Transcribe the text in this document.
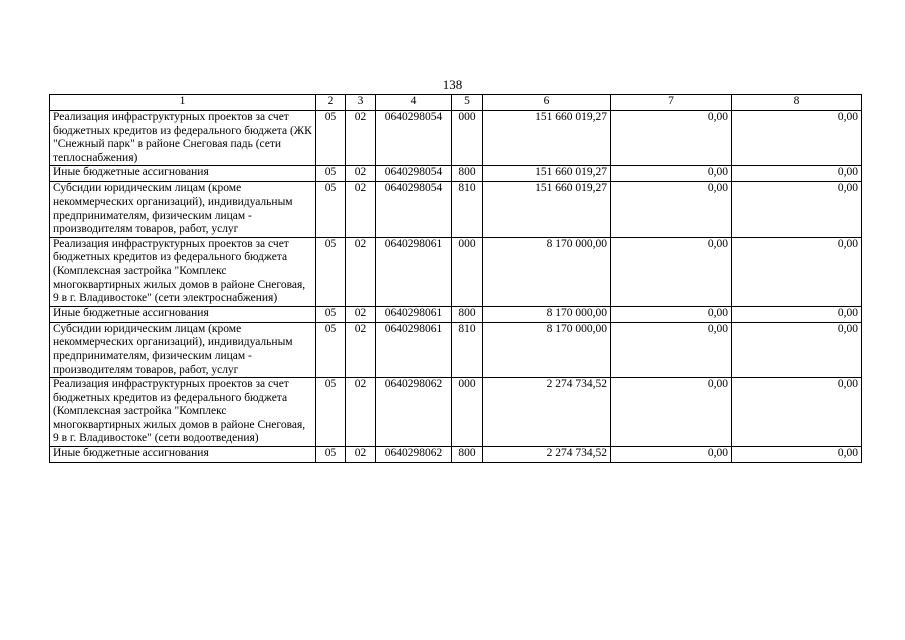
138
1	2	3	4	5	6	7	8
Реализация инфраструктурных проектов за счет бюджетных кредитов из федерального бюджета (ЖК "Снежный парк" в районе Снеговая падь (сети теплоснабжения)	05	02	0640298054	000	151 660 019,27	0,00	0,00
Иные бюджетные ассигнования	05	02	0640298054	800	151 660 019,27	0,00	0,00
Субсидии юридическим лицам (кроме некоммерческих организаций), индивидуальным предпринимателям, физическим лицам - производителям товаров, работ, услуг	05	02	0640298054	810	151 660 019,27	0,00	0,00
Реализация инфраструктурных проектов за счет бюджетных кредитов из федерального бюджета (Комплексная застройка "Комплекс многоквартирных жилых домов в районе Снеговая, 9 в г. Владивостоке" (сети электроснабжения)	05	02	0640298061	000	8 170 000,00	0,00	0,00
Иные бюджетные ассигнования	05	02	0640298061	800	8 170 000,00	0,00	0,00
Субсидии юридическим лицам (кроме некоммерческих организаций), индивидуальным предпринимателям, физическим лицам - производителям товаров, работ, услуг	05	02	0640298061	810	8 170 000,00	0,00	0,00
Реализация инфраструктурных проектов за счет бюджетных кредитов из федерального бюджета (Комплексная застройка "Комплекс многоквартирных жилых домов в районе Снеговая, 9 в г. Владивостоке" (сети водоотведения)	05	02	0640298062	000	2 274 734,52	0,00	0,00
Иные бюджетные ассигнования	05	02	0640298062	800	2 274 734,52	0,00	0,00
